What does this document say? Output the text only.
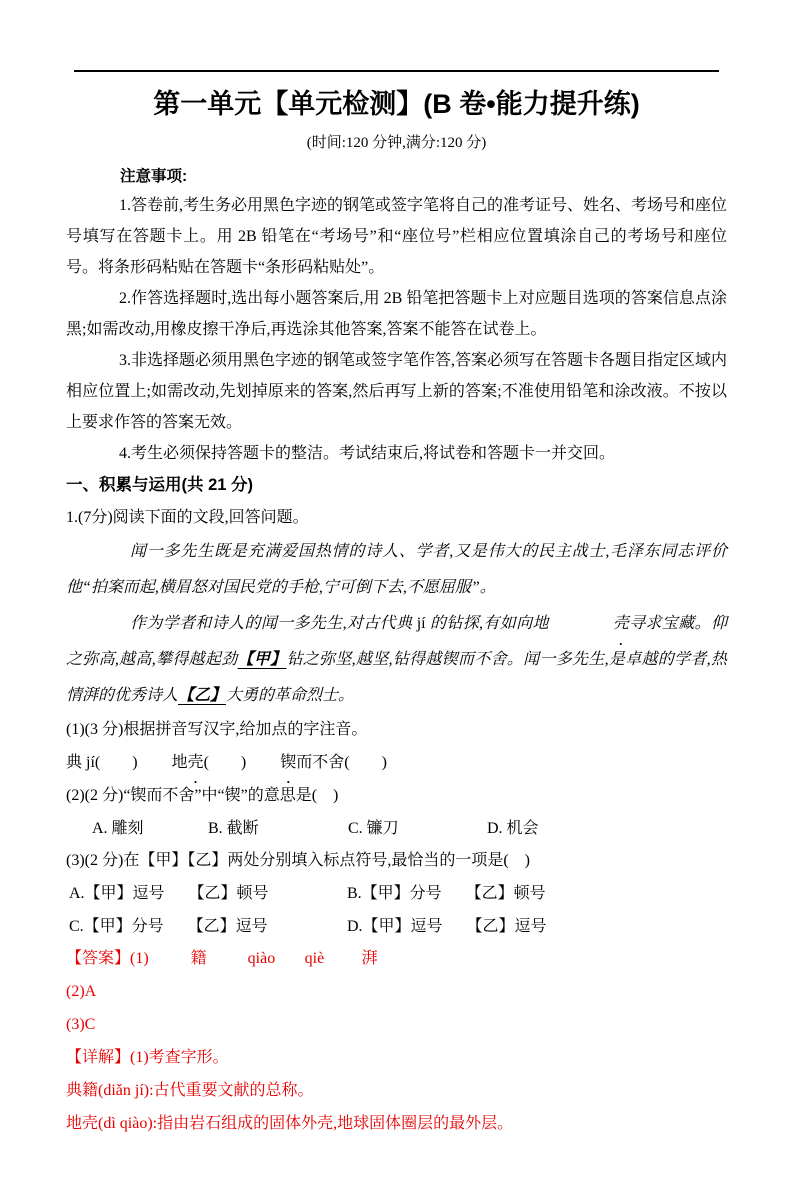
第一单元【单元检测】(B 卷•能力提升练)
(时间:120 分钟,满分:120 分)
注意事项:

1.答卷前,考生务必用黑色字迹的钢笔或签字笔将自己的准考证号、姓名、考场号和座位号填写在答题卡上。用 2B 铅笔在“考场号”和“座位号”栏相应位置填涂自己的考场号和座位号。将条形码粘贴在答题卡“条形码粘贴处”。

2.作答选择题时,选出每小题答案后,用 2B 铅笔把答题卡上对应题目选项的答案信息点涂黑;如需改动,用橡皮擦干净后,再选涂其他答案,答案不能答在试卷上。

3.非选择题必须用黑色字迹的钢笔或签字笔作答,答案必须写在答题卡各题目指定区域内相应位置上;如需改动,先划掉原来的答案,然后再写上新的答案;不准使用铅笔和涂改液。不按以上要求作答的答案无效。

4.考生必须保持答题卡的整洁。考试结束后,将试卷和答题卡一并交回。

一、积累与运用(共 21 分)

1.(7分)阅读下面的文段,回答问题。

闻一多先生既是充满爱国热情的诗人、学者,又是伟大的民主战士,毛泽东同志评价他“拍案而起,横眉怒对国民党的手枪,宁可倒下去,不愿屈服”。

作为学者和诗人的闻一多先生,对古代典 jí 的钻探,有如向地	壳寻求宝藏。仰之弥高,越高,攀得越起劲【甲】钻之弥坚,越坚,钻得越锲而不舍。闻一多先生,是卓越的学者,热情湃的优秀诗人【乙】大勇的革命烈士。

(1)(3 分)根据拼音写汉字,给加点的字注音。

典 jí(　　) 地壳(　　) 锲而不舍(　　)

(2)(2 分)“锲而不舍”中“锲”的意思是(　)

A. 雕刻	B. 截断	C. 镰刀	D. 机会

(3)(2 分)在【甲】【乙】两处分别填入标点符号,最恰当的一项是(　)

A.【甲】逗号　　【乙】顿号	B.【甲】分号　　【乙】顿号

C.【甲】分号　　【乙】逗号	D.【甲】逗号　　【乙】逗号

【答案】(1)	籍	qiào qiè 湃

(2)A

(3)C

【详解】(1)考查字形。

典籍(diǎn jí):古代重要文献的总称。

地壳(dì qiào):指由岩石组成的固体外壳,地球固体圈层的最外层。
